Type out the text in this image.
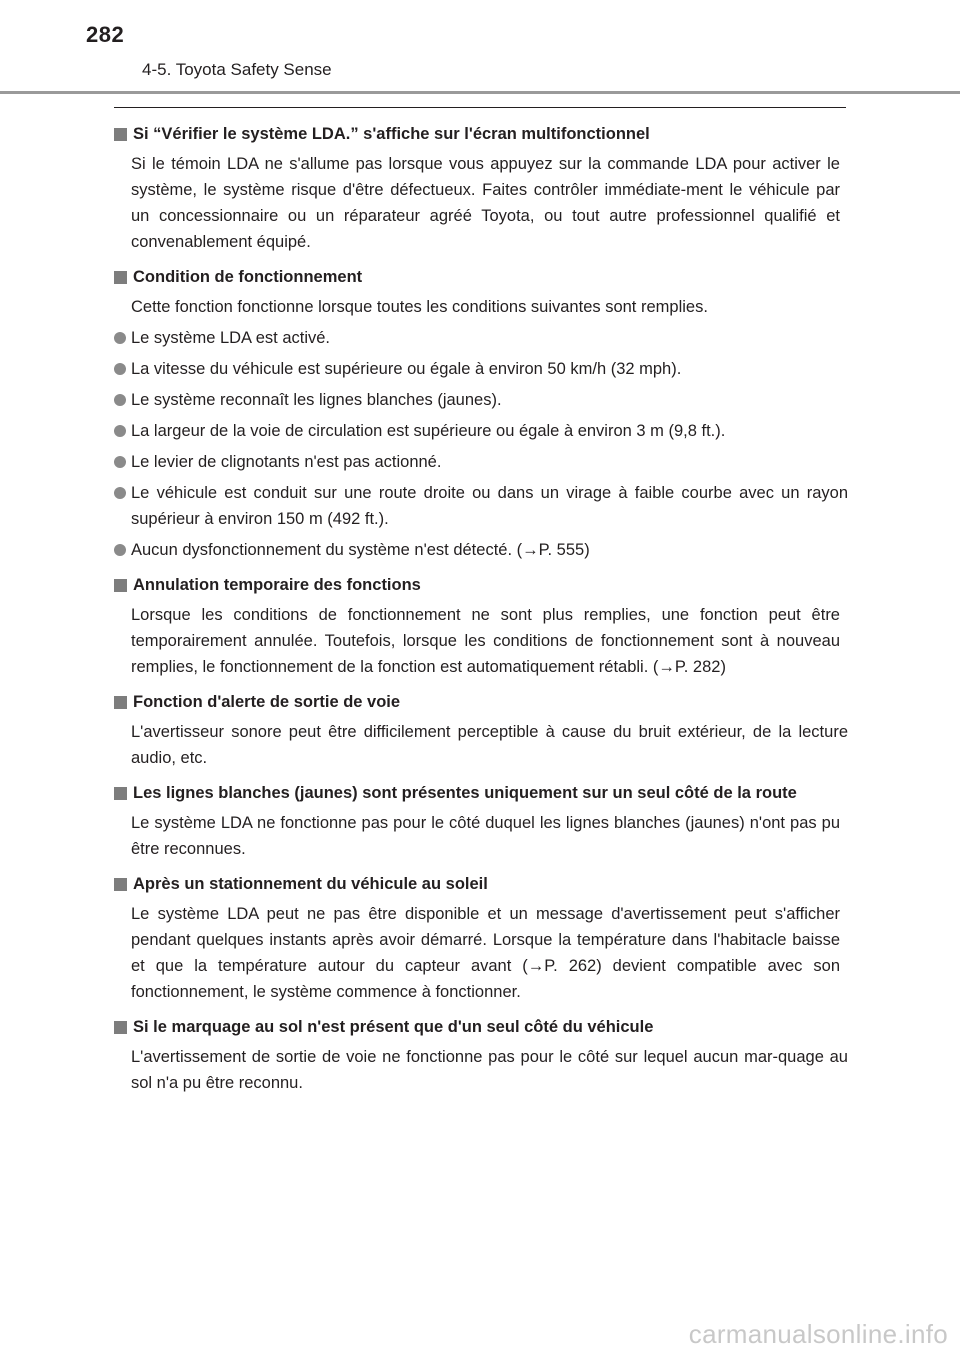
282
4-5. Toyota Safety Sense
Si “Vérifier le système LDA.” s'affiche sur l'écran multifonctionnel
Si le témoin LDA ne s'allume pas lorsque vous appuyez sur la commande LDA pour activer le système, le système risque d'être défectueux. Faites contrôler immédiate-ment le véhicule par un concessionnaire ou un réparateur agréé Toyota, ou tout autre professionnel qualifié et convenablement équipé.
Condition de fonctionnement
Cette fonction fonctionne lorsque toutes les conditions suivantes sont remplies.
Le système LDA est activé.
La vitesse du véhicule est supérieure ou égale à environ 50 km/h (32 mph).
Le système reconnaît les lignes blanches (jaunes).
La largeur de la voie de circulation est supérieure ou égale à environ 3 m (9,8 ft.).
Le levier de clignotants n'est pas actionné.
Le véhicule est conduit sur une route droite ou dans un virage à faible courbe avec un rayon supérieur à environ 150 m (492 ft.).
Aucun dysfonctionnement du système n'est détecté. (→P. 555)
Annulation temporaire des fonctions
Lorsque les conditions de fonctionnement ne sont plus remplies, une fonction peut être temporairement annulée. Toutefois, lorsque les conditions de fonctionnement sont à nouveau remplies, le fonctionnement de la fonction est automatiquement rétabli. (→P. 282)
Fonction d'alerte de sortie de voie
L'avertisseur sonore peut être difficilement perceptible à cause du bruit extérieur, de la lecture audio, etc.
Les lignes blanches (jaunes) sont présentes uniquement sur un seul côté de la route
Le système LDA ne fonctionne pas pour le côté duquel les lignes blanches (jaunes) n'ont pas pu être reconnues.
Après un stationnement du véhicule au soleil
Le système LDA peut ne pas être disponible et un message d'avertissement peut s'afficher pendant quelques instants après avoir démarré. Lorsque la température dans l'habitacle baisse et que la température autour du capteur avant (→P. 262) devient compatible avec son fonctionnement, le système commence à fonctionner.
Si le marquage au sol n'est présent que d'un seul côté du véhicule
L'avertissement de sortie de voie ne fonctionne pas pour le côté sur lequel aucun mar-quage au sol n'a pu être reconnu.
carmanualsonline.info
